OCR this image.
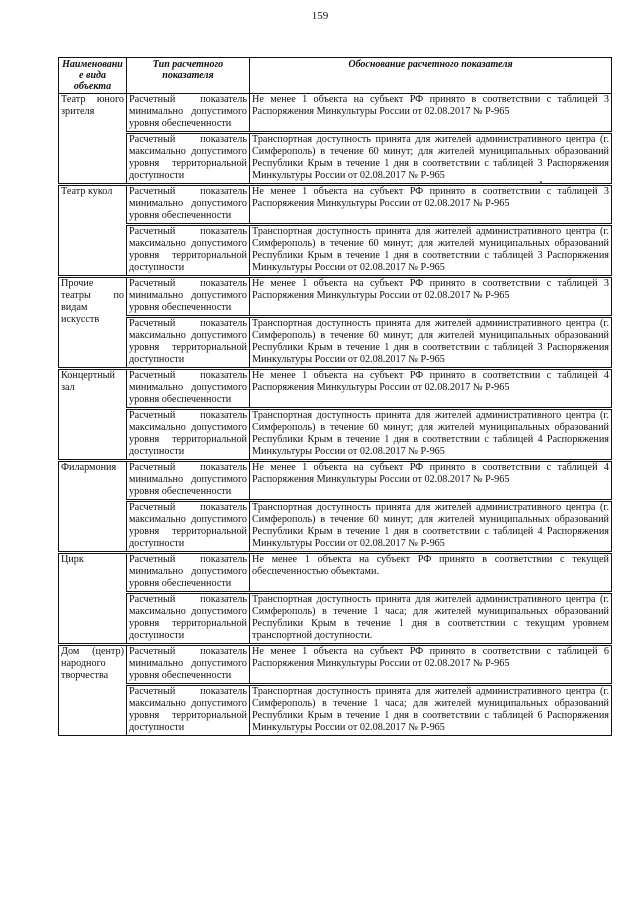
159
Наименовани е вида объекта	Тип расчетного показателя	Обоснование расчетного показателя
Театр юного зрителя	Расчетный показатель минимально допустимого уровня обеспеченности	Не менее 1 объекта на субъект РФ принято в соответствии с таблицей 3 Распоряжения Минкультуры России от 02.08.2017 № Р-965
	Расчетный показатель максимально допустимого уровня территориальной доступности	Транспортная доступность принята для жителей административного центра (г. Симферополь) в течение 60 минут; для жителей муниципальных образований Республики Крым в течение 1 дня в соответствии с таблицей 3 Распоряжения Минкультуры России от 02.08.2017 № Р-965
Театр кукол	Расчетный показатель минимально допустимого уровня обеспеченности	Не менее 1 объекта на субъект РФ принято в соответствии с таблицей 3 Распоряжения Минкультуры России от 02.08.2017 № Р-965
	Расчетный показатель максимально допустимого уровня территориальной доступности	Транспортная доступность принята для жителей административного центра (г. Симферополь) в течение 60 минут; для жителей муниципальных образований Республики Крым в течение 1 дня в соответствии с таблицей 3 Распоряжения Минкультуры России от 02.08.2017 № Р-965
Прочие театры по видам искусств	Расчетный показатель минимально допустимого уровня обеспеченности	Не менее 1 объекта на субъект РФ принято в соответствии с таблицей 3 Распоряжения Минкультуры России от 02.08.2017 № Р-965
	Расчетный показатель максимально допустимого уровня территориальной доступности	Транспортная доступность принята для жителей административного центра (г. Симферополь) в течение 60 минут; для жителей муниципальных образований Республики Крым в течение 1 дня в соответствии с таблицей 3 Распоряжения Минкультуры России от 02.08.2017 № Р-965
Концертный зал	Расчетный показатель минимально допустимого уровня обеспеченности	Не менее 1 объекта на субъект РФ принято в соответствии с таблицей 4 Распоряжения Минкультуры России от 02.08.2017 № Р-965
	Расчетный показатель максимально допустимого уровня территориальной доступности	Транспортная доступность принята для жителей административного центра (г. Симферополь) в течение 60 минут; для жителей муниципальных образований Республики Крым в течение 1 дня в соответствии с таблицей 4 Распоряжения Минкультуры России от 02.08.2017 № Р-965
Филармония	Расчетный показатель минимально допустимого уровня обеспеченности	Не менее 1 объекта на субъект РФ принято в соответствии с таблицей 4 Распоряжения Минкультуры России от 02.08.2017 № Р-965
	Расчетный показатель максимально допустимого уровня территориальной доступности	Транспортная доступность принята для жителей административного центра (г. Симферополь) в течение 60 минут; для жителей муниципальных образований Республики Крым в течение 1 дня в соответствии с таблицей 4 Распоряжения Минкультуры России от 02.08.2017 № Р-965
Цирк	Расчетный показатель минимально допустимого уровня обеспеченности	Не менее 1 объекта на субъект РФ принято в соответствии с текущей обеспеченностью объектами.
	Расчетный показатель максимально допустимого уровня территориальной доступности	Транспортная доступность принята для жителей административного центра (г. Симферополь) в течение 1 часа; для жителей муниципальных образований Республики Крым в течение 1 дня в соответствии с текущим уровнем транспортной доступности.
Дом (центр) народного творчества	Расчетный показатель минимально допустимого уровня обеспеченности	Не менее 1 объекта на субъект РФ принято в соответствии с таблицей 6 Распоряжения Минкультуры России от 02.08.2017 № Р-965
	Расчетный показатель максимально допустимого уровня территориальной доступности	Транспортная доступность принята для жителей административного центра (г. Симферополь) в течение 1 часа; для жителей муниципальных образований Республики Крым в течение 1 дня в соответствии с таблицей 6 Распоряжения Минкультуры России от 02.08.2017 № Р-965
